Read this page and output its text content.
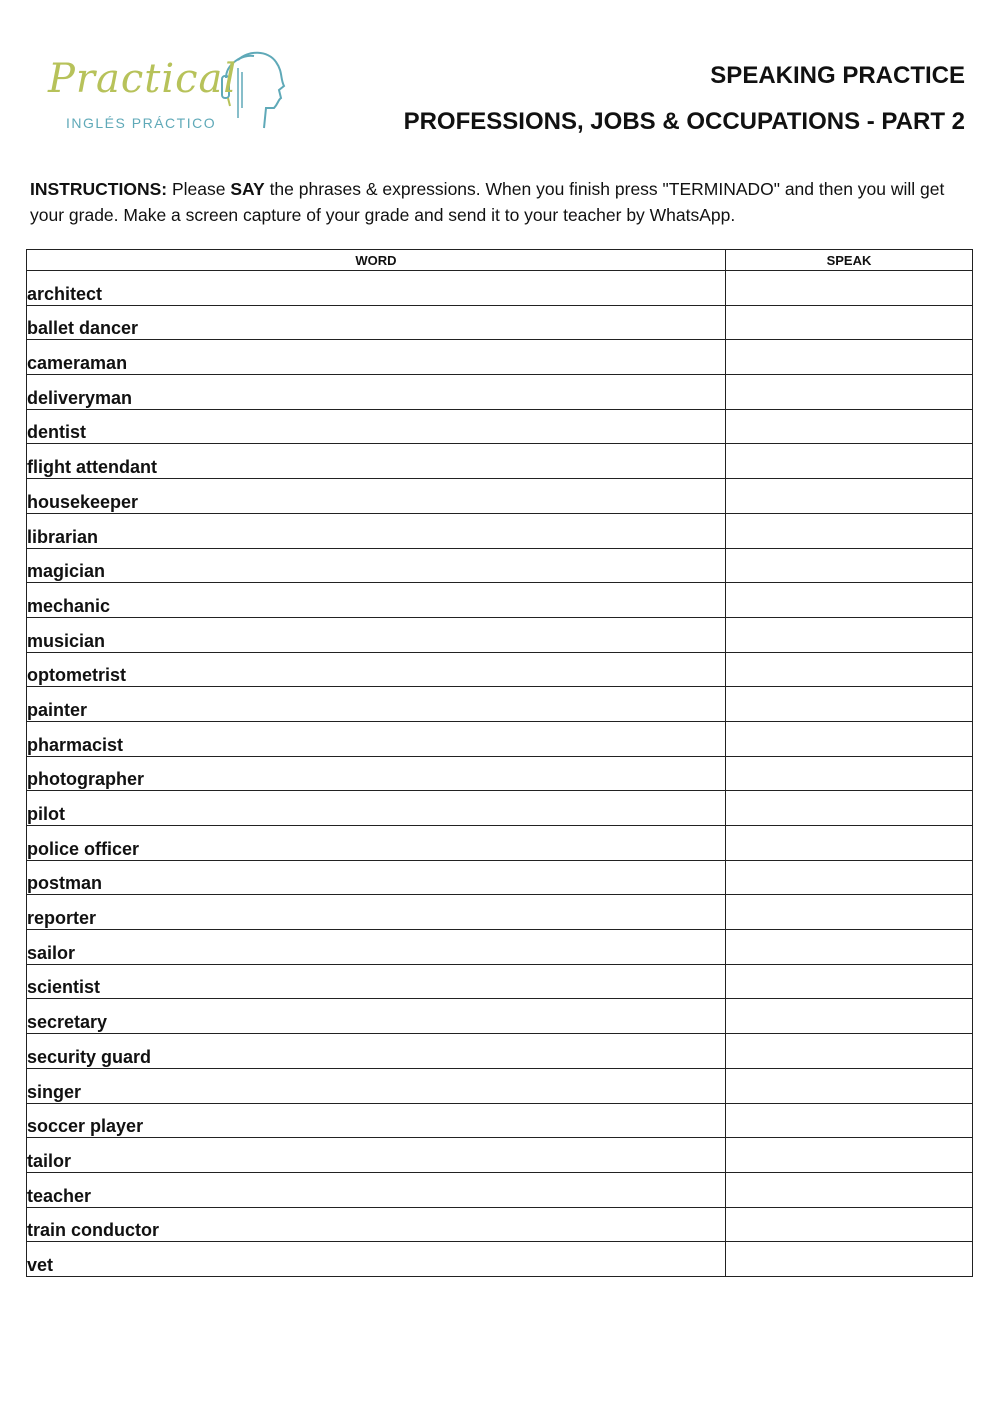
Practical
INGLÉS PRÁCTICO
SPEAKING PRACTICE
PROFESSIONS, JOBS & OCCUPATIONS - PART 2
INSTRUCTIONS: Please SAY the phrases & expressions. When you finish press "TERMINADO" and then you will get your grade. Make a screen capture of your grade and send it to your teacher by WhatsApp.
WORD	SPEAK
architect	
ballet dancer	
cameraman	
deliveryman	
dentist	
flight attendant	
housekeeper	
librarian	
magician	
mechanic	
musician	
optometrist	
painter	
pharmacist	
photographer	
pilot	
police officer	
postman	
reporter	
sailor	
scientist	
secretary	
security guard	
singer	
soccer player	
tailor	
teacher	
train conductor	
vet	
